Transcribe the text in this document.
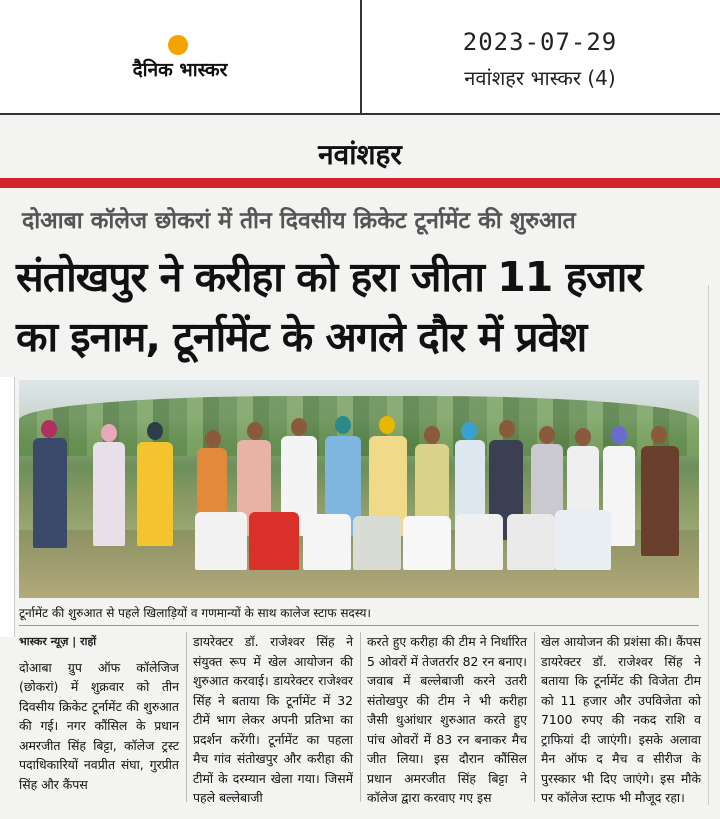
दैनिक भास्कर
2023-07-29
नवांशहर भास्कर (4)
नवांशहर
दोआबा कॉलेज छोकरां में तीन दिवसीय क्रिकेट टूर्नामेंट की शुरुआत
संतोखपुर ने करीहा को हरा जीता 11 हजार
का इनाम, टूर्नामेंट के अगले दौर में प्रवेश
टूर्नामेंट की शुरुआत से पहले खिलाड़ियों व गणमान्यों के साथ कालेज स्टाफ सदस्य।
भास्कर न्यूज़ | राहों
दोआबा ग्रुप ऑफ कॉलेजिज (छोकरां) में शुक्रवार को तीन दिवसीय क्रिकेट टूर्नामेंट की शुरुआत की गई। नगर कौंसिल के प्रधान अमरजीत सिंह बिट्टा, कॉलेज ट्रस्ट पदाधिकारियों नवप्रीत संघा, गुरप्रीत सिंह और कैंपस
डायरेक्टर डॉ. राजेश्वर सिंह ने संयुक्त रूप में खेल आयोजन की शुरुआत करवाई। डायरेक्टर राजेश्वर सिंह ने बताया कि टूर्नामेंट में 32 टीमें भाग लेकर अपनी प्रतिभा का प्रदर्शन करेंगी। टूर्नामेंट का पहला मैच गांव संतोखपुर और करीहा की टीमों के दरम्यान खेला गया। जिसमें पहले बल्लेबाजी
करते हुए करीहा की टीम ने निर्धारित 5 ओवरों में तेजतर्रार 82 रन बनाए। जवाब में बल्लेबाजी करने उतरी संतोखपुर की टीम ने भी करीहा जैसी धुआंधार शुरुआत करते हुए पांच ओवरों में 83 रन बनाकर मैच जीत लिया। इस दौरान कौंसिल प्रधान अमरजीत सिंह बिट्टा ने कॉलेज द्वारा करवाए गए इस
खेल आयोजन की प्रशंसा की। कैंपस डायरेक्टर डॉ. राजेश्वर सिंह ने बताया कि टूर्नामेंट की विजेता टीम को 11 हजार और उपविजेता को 7100 रुपए की नकद राशि व ट्राफियां दी जाएंगी। इसके अलावा मैन ऑफ द मैच व सीरीज के पुरस्कार भी दिए जाएंगे। इस मौके पर कॉलेज स्टाफ भी मौजूद रहा।
